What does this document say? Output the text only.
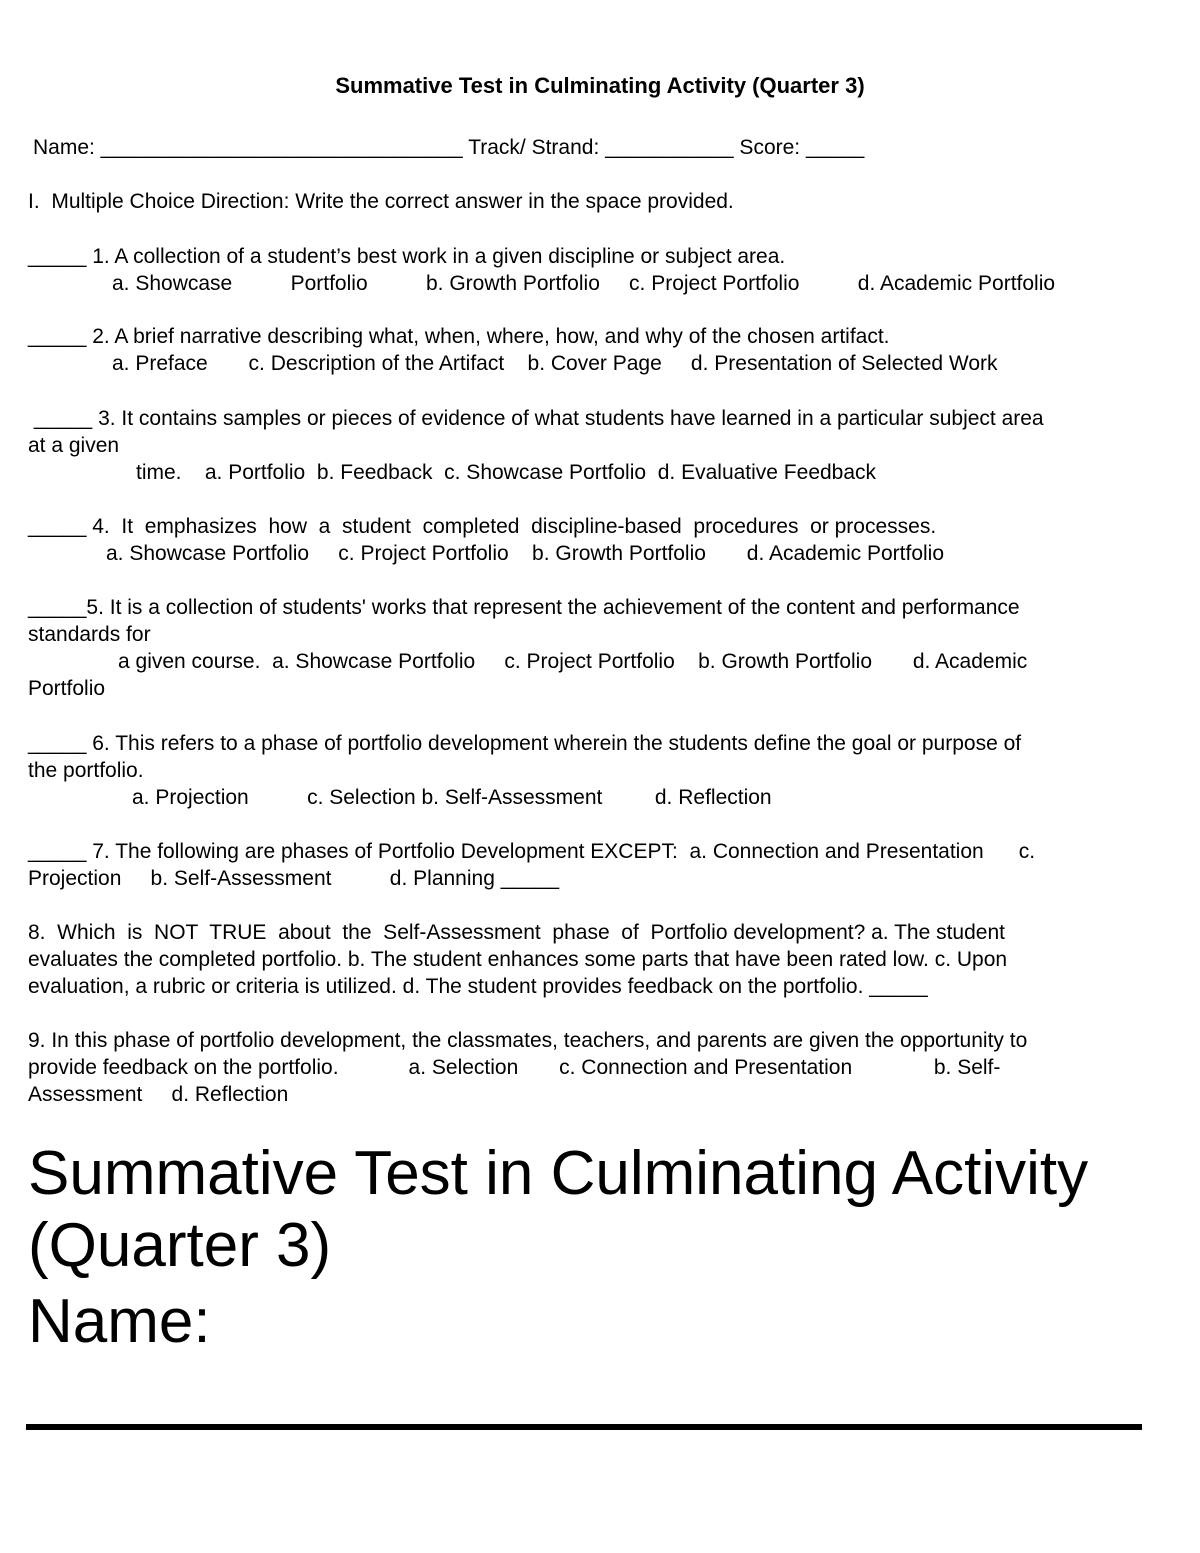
Summative Test in Culminating Activity (Quarter 3)
Name: _______________________________ Track/ Strand: ___________ Score: _____
I.  Multiple Choice Direction: Write the correct answer in the space provided.
_____ 1. A collection of a student’s best work in a given discipline or subject area.
a. Showcase          Portfolio          b. Growth Portfolio     c. Project Portfolio          d. Academic Portfolio
_____ 2. A brief narrative describing what, when, where, how, and why of the chosen artifact.
a. Preface       c. Description of the Artifact    b. Cover Page     d. Presentation of Selected Work
_____ 3. It contains samples or pieces of evidence of what students have learned in a particular subject area
at a given
time.    a. Portfolio  b. Feedback  c. Showcase Portfolio  d. Evaluative Feedback
_____ 4.  It  emphasizes  how  a  student  completed  discipline-based  procedures  or processes.
a. Showcase Portfolio     c. Project Portfolio    b. Growth Portfolio       d. Academic Portfolio
_____5. It is a collection of students' works that represent the achievement of the content and performance
standards for
a given course.  a. Showcase Portfolio     c. Project Portfolio    b. Growth Portfolio       d. Academic
Portfolio
_____ 6. This refers to a phase of portfolio development wherein the students define the goal or purpose of
the portfolio.
a. Projection          c. Selection b. Self-Assessment         d. Reflection
_____ 7. The following are phases of Portfolio Development EXCEPT:  a. Connection and Presentation      c.
Projection     b. Self-Assessment          d. Planning _____
8.  Which  is  NOT  TRUE  about  the  Self-Assessment  phase  of  Portfolio development? a. The student
evaluates the completed portfolio. b. The student enhances some parts that have been rated low. c. Upon
evaluation, a rubric or criteria is utilized. d. The student provides feedback on the portfolio. _____
9. In this phase of portfolio development, the classmates, teachers, and parents are given the opportunity to
provide feedback on the portfolio.            a. Selection       c. Connection and Presentation              b. Self-
Assessment     d. Reflection
Summative Test in Culminating Activity
(Quarter 3)
Name:
